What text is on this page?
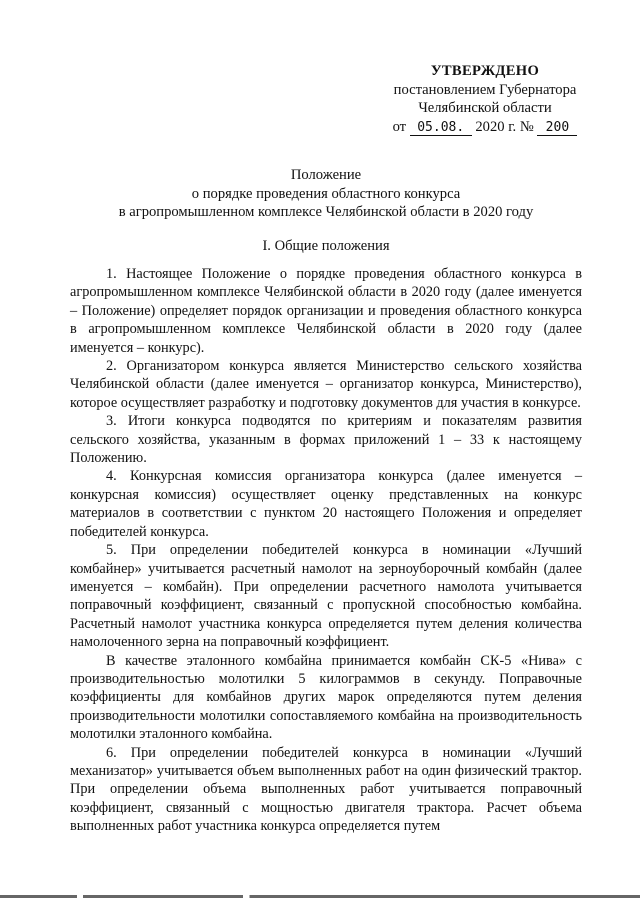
УТВЕРЖДЕНО
постановлением Губернатора
Челябинской области
от 05.08. 2020 г. № 200
Положение
о порядке проведения областного конкурса
в агропромышленном комплексе Челябинской области в 2020 году
I. Общие положения

1. Настоящее Положение о порядке проведения областного конкурса в агропромышленном комплексе Челябинской области в 2020 году (далее именуется – Положение) определяет порядок организации и проведения областного конкурса в агропромышленном комплексе Челябинской области в 2020 году (далее именуется – конкурс).

2. Организатором конкурса является Министерство сельского хозяйства Челябинской области (далее именуется – организатор конкурса, Министерство), которое осуществляет разработку и подготовку документов для участия в конкурсе.

3. Итоги конкурса подводятся по критериям и показателям развития сельского хозяйства, указанным в формах приложений 1 – 33 к настоящему Положению.

4. Конкурсная комиссия организатора конкурса (далее именуется – конкурсная комиссия) осуществляет оценку представленных на конкурс материалов в соответствии с пунктом 20 настоящего Положения и определяет победителей конкурса.

5. При определении победителей конкурса в номинации «Лучший комбайнер» учитывается расчетный намолот на зерноуборочный комбайн (далее именуется – комбайн). При определении расчетного намолота учитывается поправочный коэффициент, связанный с пропускной способностью комбайна. Расчетный намолот участника конкурса определяется путем деления количества намолоченного зерна на поправочный коэффициент.

В качестве эталонного комбайна принимается комбайн СК-5 «Нива» с производительностью молотилки 5 килограммов в секунду. Поправочные коэффициенты для комбайнов других марок определяются путем деления производительности молотилки сопоставляемого комбайна на производительность молотилки эталонного комбайна.

6. При определении победителей конкурса в номинации «Лучший механизатор» учитывается объем выполненных работ на один физический трактор. При определении объема выполненных работ учитывается поправочный коэффициент, связанный с мощностью двигателя трактора. Расчет объема выполненных работ участника конкурса определяется путем
